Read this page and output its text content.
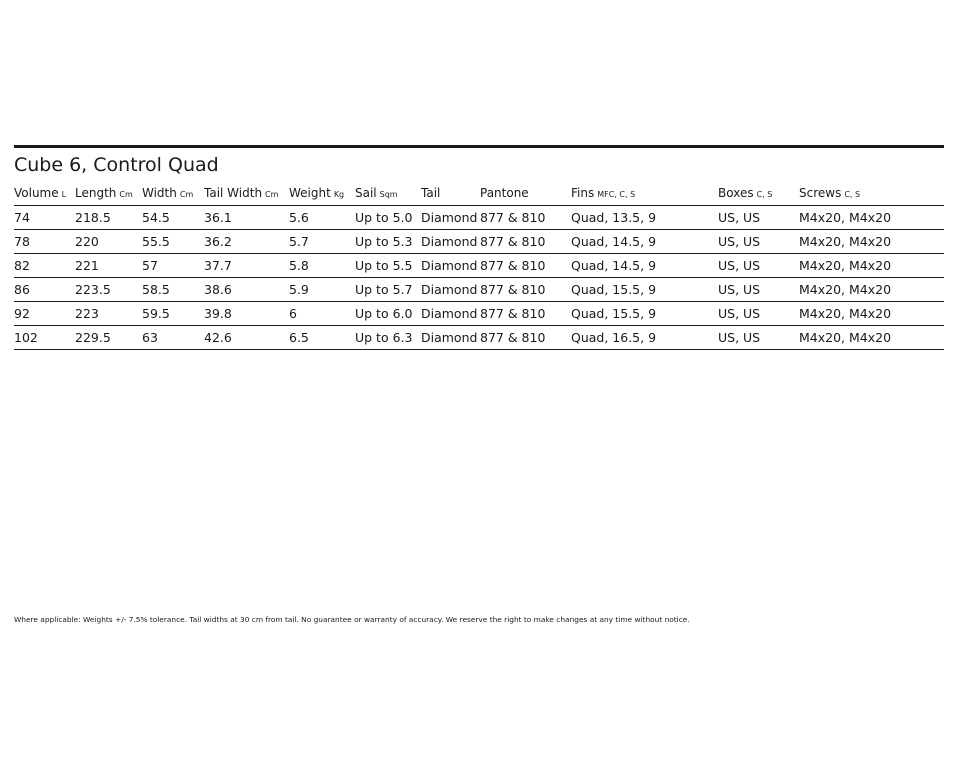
Cube 6, Control Quad
Volume L	Length Cm	Width Cm	Tail Width Cm	Weight Kg	Sail Sqm	Tail	Pantone	Fins MFC, C, S	Boxes C, S	Screws C, S
74	218.5	54.5	36.1	5.6	Up to 5.0	Diamond	877 & 810	Quad, 13.5, 9	US, US	M4x20, M4x20
78	220	55.5	36.2	5.7	Up to 5.3	Diamond	877 & 810	Quad, 14.5, 9	US, US	M4x20, M4x20
82	221	57	37.7	5.8	Up to 5.5	Diamond	877 & 810	Quad, 14.5, 9	US, US	M4x20, M4x20
86	223.5	58.5	38.6	5.9	Up to 5.7	Diamond	877 & 810	Quad, 15.5, 9	US, US	M4x20, M4x20
92	223	59.5	39.8	6	Up to 6.0	Diamond	877 & 810	Quad, 15.5, 9	US, US	M4x20, M4x20
102	229.5	63	42.6	6.5	Up to 6.3	Diamond	877 & 810	Quad, 16.5, 9	US, US	M4x20, M4x20
Where applicable: Weights +/- 7.5% tolerance. Tail widths at 30 cm from tail. No guarantee or warranty of accuracy. We reserve the right to make changes at any time without notice.
